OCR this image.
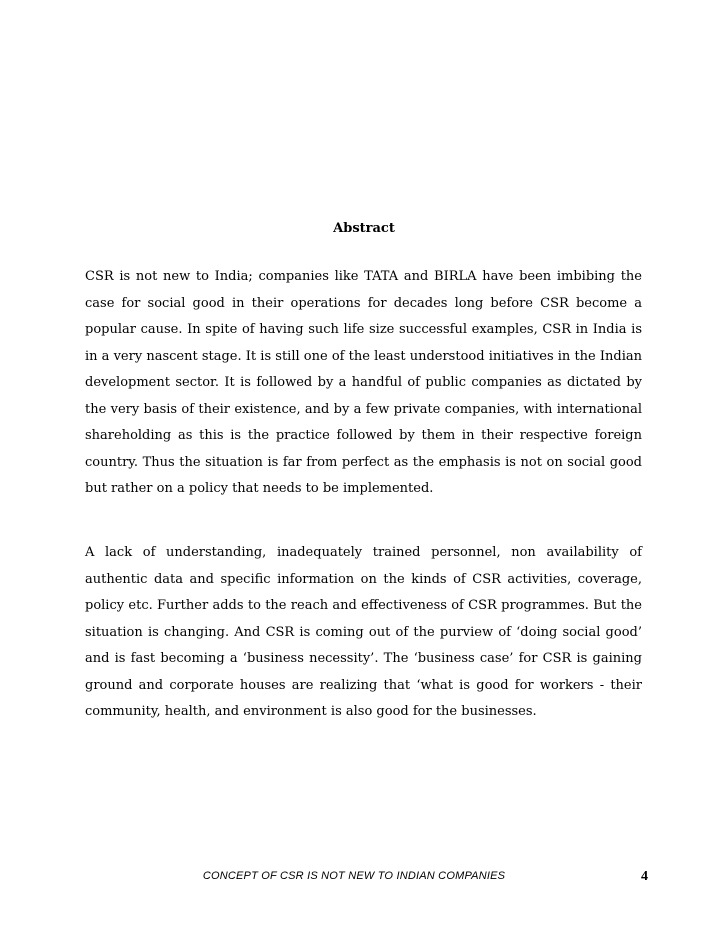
Abstract

CSR is not new to India; companies like TATA and BIRLA have been imbibing the case for social good in their operations for decades long before CSR become a popular cause. In spite of having such life size successful examples, CSR in India is in a very nascent stage. It is still one of the least understood initiatives in the Indian development sector. It is followed by a handful of public companies as dictated by the very basis of their existence, and by a few private companies, with international shareholding as this is the practice followed by them in their respective foreign country. Thus the situation is far from perfect as the emphasis is not on social good but rather on a policy that needs to be implemented.

A lack of understanding, inadequately trained personnel, non availability of authentic data and specific information on the kinds of CSR activities, coverage, policy etc. Further adds to the reach and effectiveness of CSR programmes. But the situation is changing. And CSR is coming out of the purview of ‘doing social good’ and is fast becoming a ‘business necessity’. The ‘business case’ for CSR is gaining ground and corporate houses are realizing that ‘what is good for workers - their community, health, and environment is also good for the businesses.

CONCEPT OF CSR IS NOT NEW TO INDIAN COMPANIES	4
